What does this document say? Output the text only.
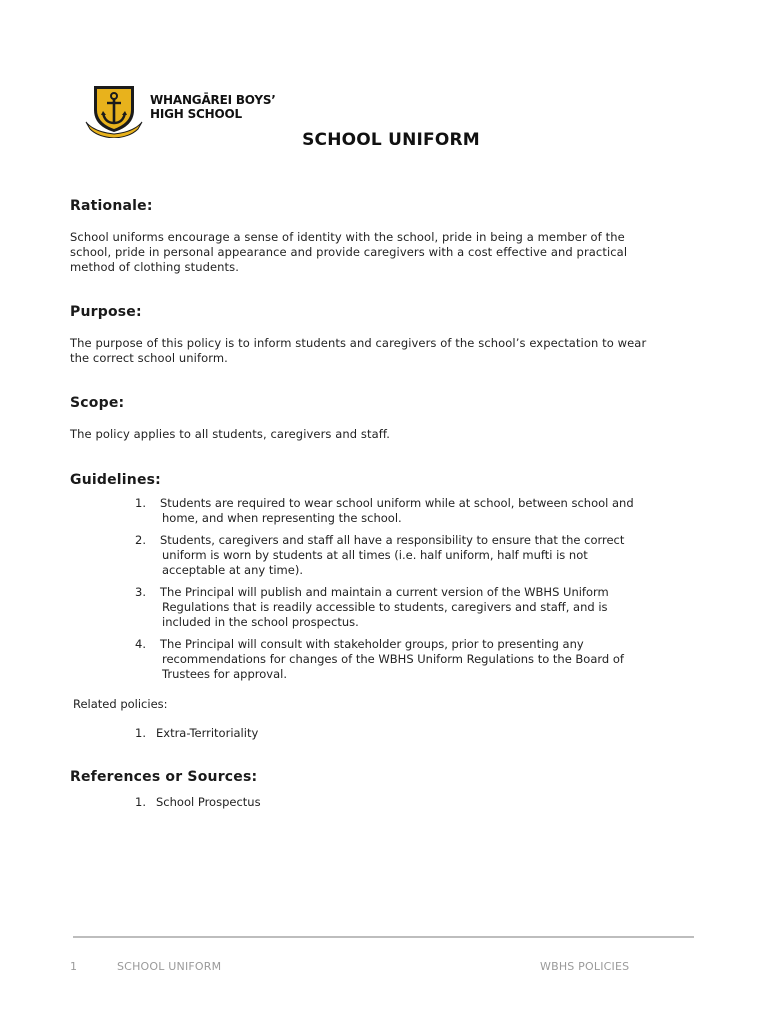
WHANGĀREI BOYS’
HIGH SCHOOL
SCHOOL UNIFORM
Rationale:
School uniforms encourage a sense of identity with the school, pride in being a member of the
school, pride in personal appearance and provide caregivers with a cost effective and practical
method of clothing students.
Purpose:
The purpose of this policy is to inform students and caregivers of the school’s expectation to wear
the correct school uniform.
Scope:
The policy applies to all students, caregivers and staff.
Guidelines:
1. Students are required to wear school uniform while at school, between school and
home, and when representing the school.
2. Students, caregivers and staff all have a responsibility to ensure that the correct
uniform is worn by students at all times (i.e. half uniform, half mufti is not
acceptable at any time).
3. The Principal will publish and maintain a current version of the WBHS Uniform
Regulations that is readily accessible to students, caregivers and staff, and is
included in the school prospectus.
4. The Principal will consult with stakeholder groups, prior to presenting any
recommendations for changes of the WBHS Uniform Regulations to the Board of
Trustees for approval.
Related policies:
1. Extra-Territoriality
References or Sources:
1. School Prospectus
1	SCHOOL UNIFORM	WBHS POLICIES
